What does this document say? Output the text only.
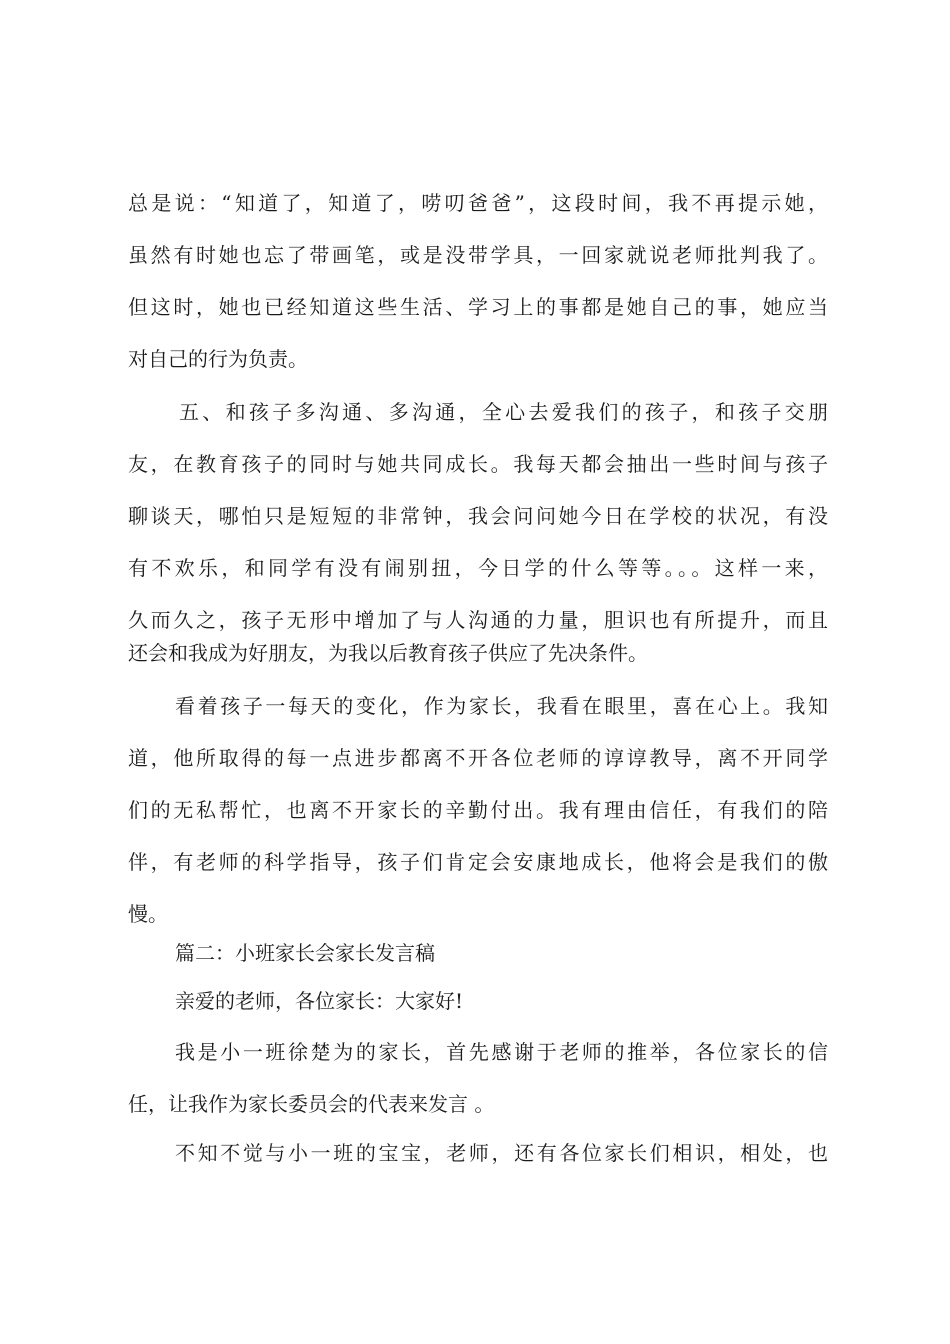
总是说：“知道了，知道了，唠叨爸爸”，这段时间，我不再提示她，
虽然有时她也忘了带画笔，或是没带学具，一回家就说老师批判我了。
但这时，她也已经知道这些生活、学习上的事都是她自己的事，她应当
对自己的行为负责。
五、和孩子多沟通、多沟通，全心去爱我们的孩子，和孩子交朋
友，在教育孩子的同时与她共同成长。我每天都会抽出一些时间与孩子
聊谈天，哪怕只是短短的非常钟，我会问问她今日在学校的状况，有没
有不欢乐，和同学有没有闹别扭，今日学的什么等等。。。这样一来，
久而久之，孩子无形中增加了与人沟通的力量，胆识也有所提升，而且
还会和我成为好朋友，为我以后教育孩子供应了先决条件。
看着孩子一每天的变化，作为家长，我看在眼里，喜在心上。我知
道，他所取得的每一点进步都离不开各位老师的谆谆教导，离不开同学
们的无私帮忙，也离不开家长的辛勤付出。我有理由信任，有我们的陪
伴，有老师的科学指导，孩子们肯定会安康地成长，他将会是我们的傲
慢。
篇二：小班家长会家长发言稿
亲爱的老师，各位家长：大家好!
我是小一班徐楚为的家长，首先感谢于老师的推举，各位家长的信
任，让我作为家长委员会的代表来发言 。
不知不觉与小一班的宝宝，老师，还有各位家长们相识，相处，也
